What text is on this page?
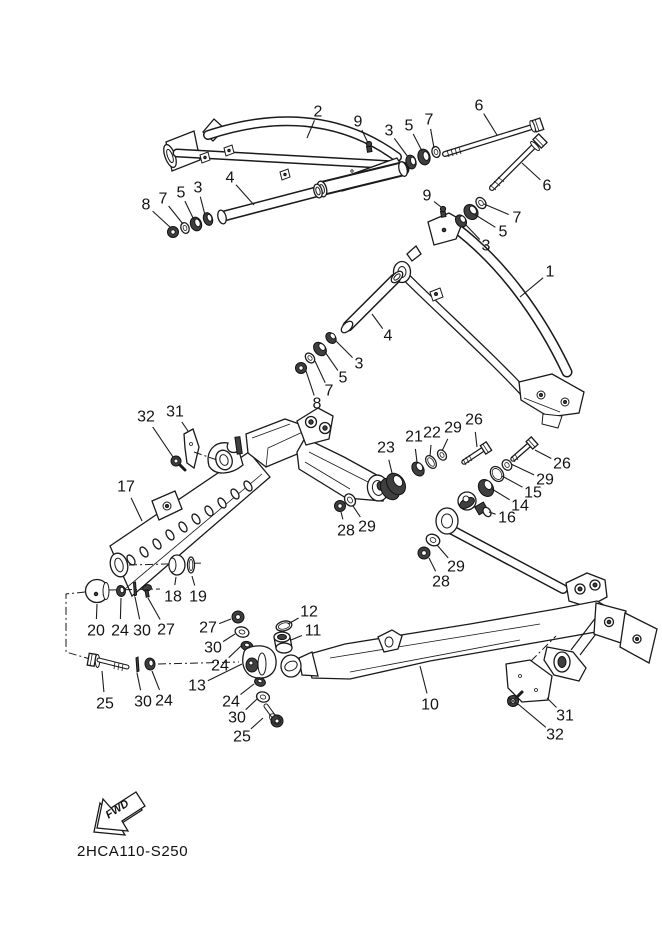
2
9
3 5 7
6
6
8 7 5 3
4
9
7
5
3
1
4
3
5
7
8
32 31
17
23
21 22 29 26
26
29
15
14
16
28 29
29
28
20 24 30 27
18 19
25 30 24
27
30
12
11
24
13
24
30
25
10
31
32
FWD
2HCA110-S250
